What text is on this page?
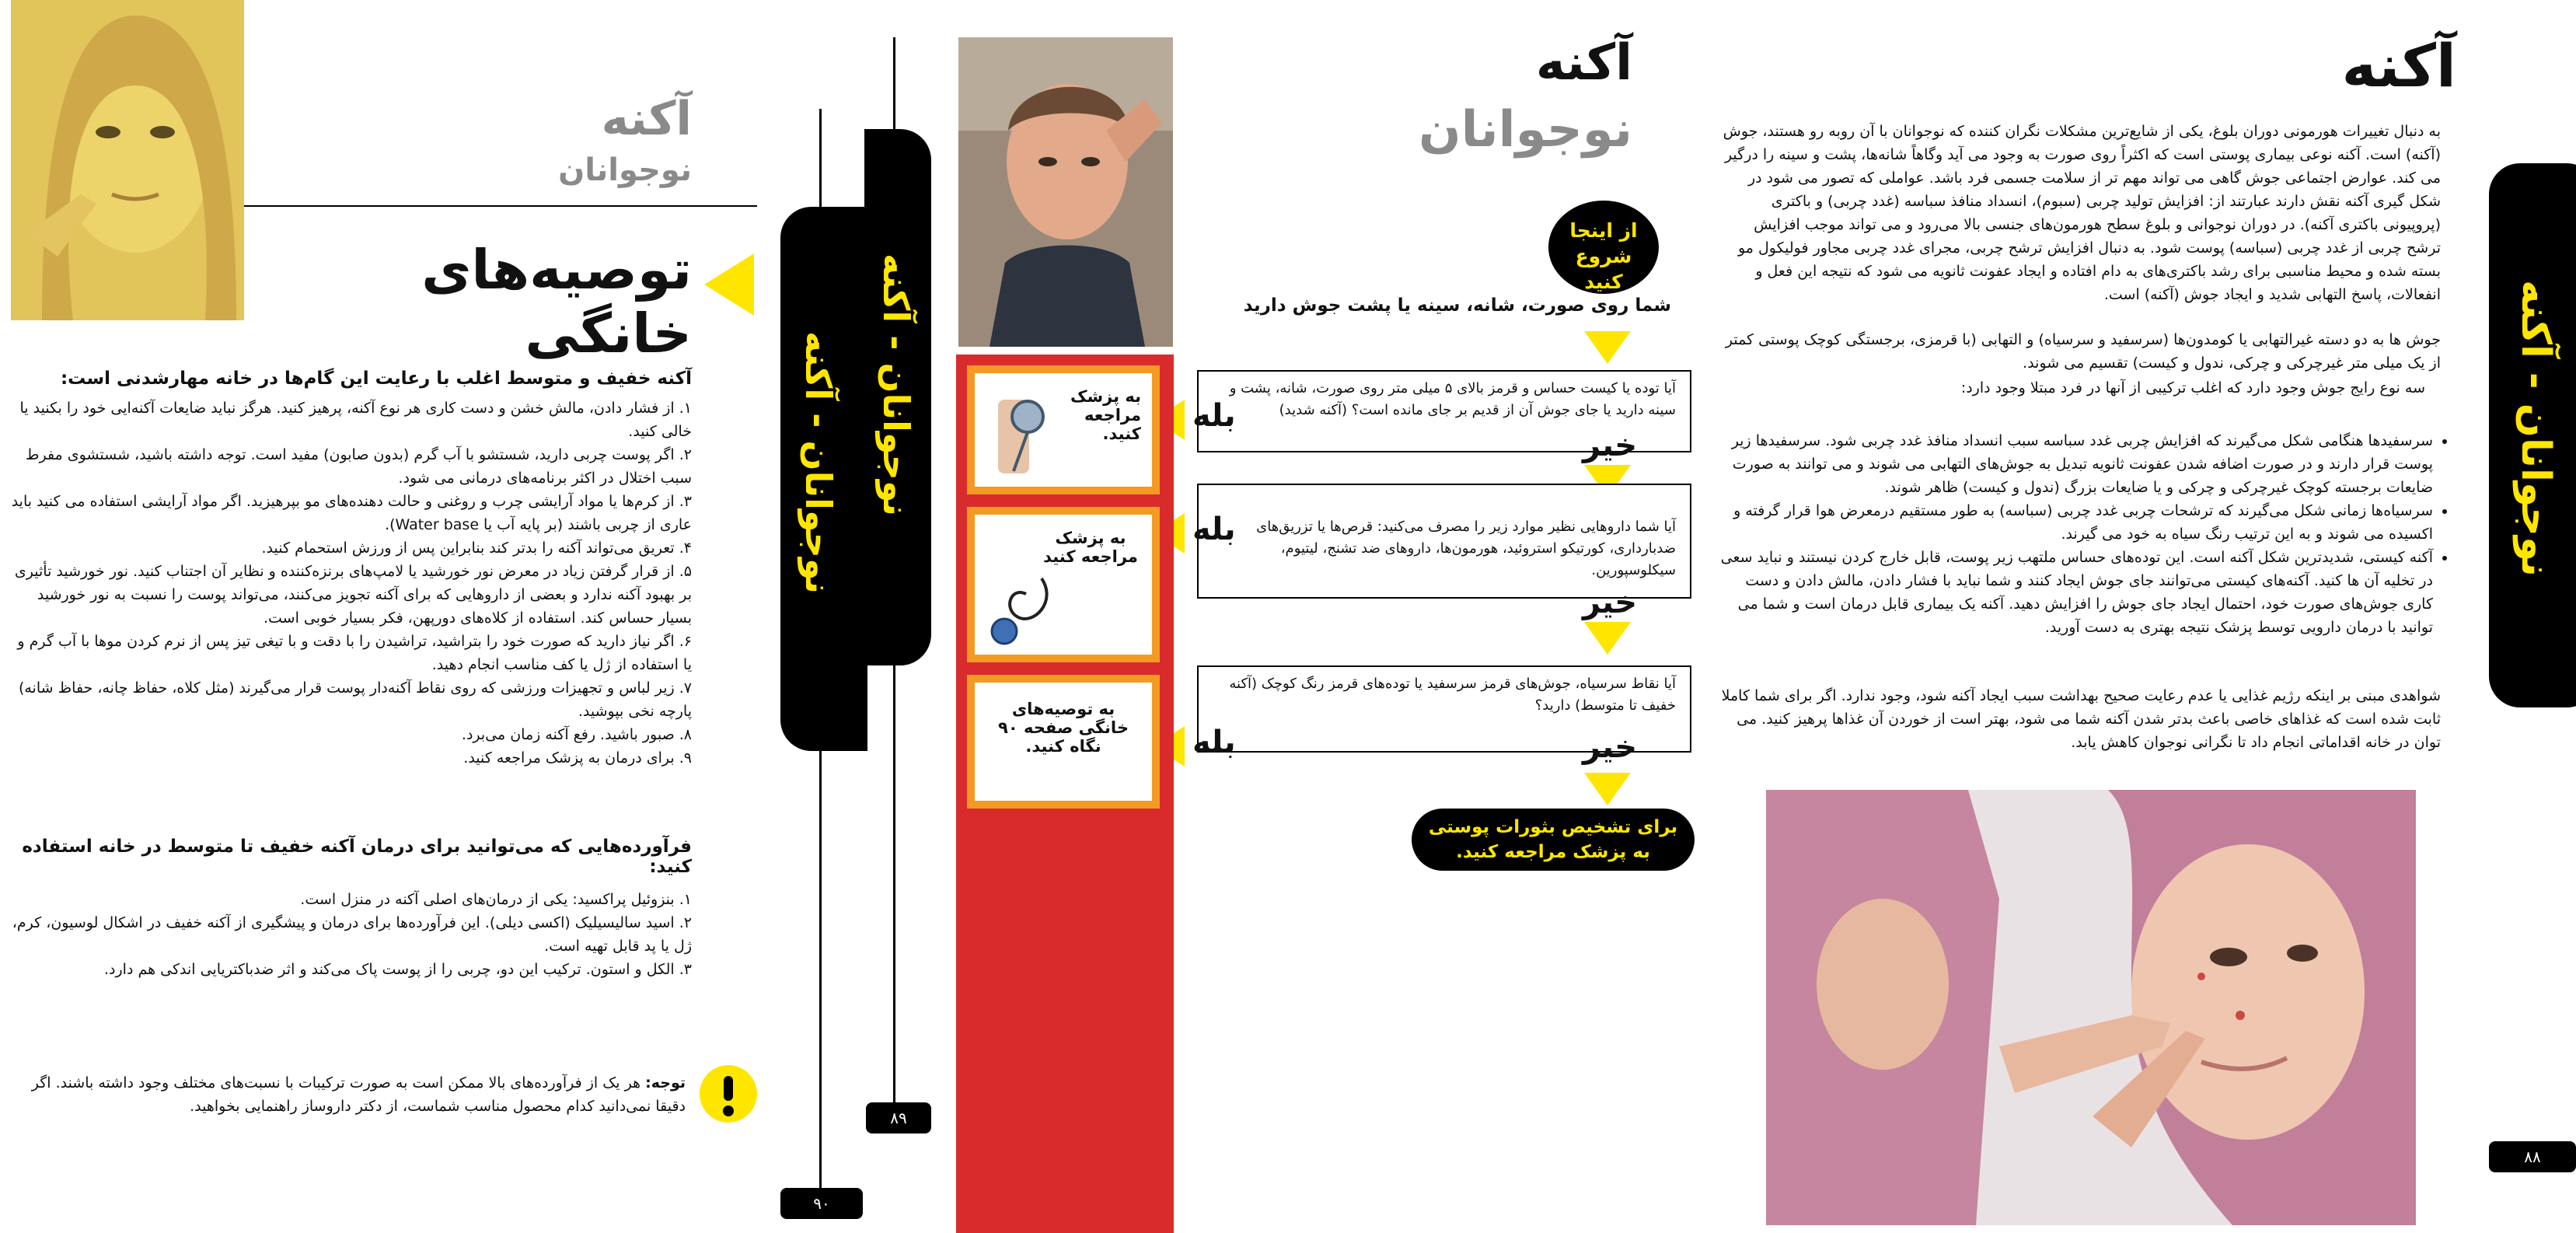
نوجوانان - آکنه
۸۸
آکنه
به دنبال تغییرات هورمونی دوران بلوغ، یکی از شایع‌ترین مشکلات نگران کننده که نوجوانان با آن روبه رو هستند، جوش (آکنه) است. آکنه نوعی بیماری پوستی است که اکثراً روی صورت به وجود می آید وگاهاً شانه‌ها، پشت و سینه را درگیر می کند. عوارض اجتماعی جوش گاهی می تواند مهم تر از سلامت جسمی فرد باشد. عواملی که تصور می شود در شکل گیری آکنه نقش دارند عبارتند از: افزایش تولید چربی (سبوم)، انسداد منافذ سباسه (غدد چربی) و باکتری (پروپیونی باکتری آکنه). در دوران نوجوانی و بلوغ سطح هورمون‌های جنسی بالا می‌رود و می تواند موجب افزایش ترشح چربی از غدد چربی (سباسه) پوست شود. به دنبال افزایش ترشح چربی، مجرای غدد چربی مجاور فولیکول مو بسته شده و محیط مناسبی برای رشد باکتری‌های به دام افتاده و ایجاد عفونت ثانویه می شود که نتیجه این فعل و انفعالات، پاسخ التهابی شدید و ایجاد جوش (آکنه) است.
جوش ها به دو دسته غیرالتهابی یا کومدون‌ها (سرسفید و سرسیاه) و التهابی (با قرمزی، برجستگی کوچک پوستی کمتر از یک میلی متر غیرچرکی و چرکی، ندول و کیست) تقسیم می شوند.
سه نوع رایج جوش وجود دارد که اغلب ترکیبی از آنها در فرد مبتلا وجود دارد:
• سرسفیدها هنگامی شکل می‌گیرند که افزایش چربی غدد سباسه سبب انسداد منافذ غدد چربی شود. سرسفیدها زیر پوست قرار دارند و در صورت اضافه شدن عفونت ثانویه تبدیل به جوش‌های التهابی می شوند و می توانند به صورت ضایعات برجسته کوچک غیرچرکی و چرکی و یا ضایعات بزرگ (ندول و کیست) ظاهر شوند.
• سرسیاه‌ها زمانی شکل می‌گیرند که ترشحات چربی غدد چربی (سباسه) به طور مستقیم درمعرض هوا قرار گرفته و اکسیده می شوند و به این ترتیب رنگ سیاه به خود می گیرند.
• آکنه کیستی، شدیدترین شکل آکنه است. این توده‌های حساس ملتهب زیر پوست، قابل خارج کردن نیستند و نباید سعی در تخلیه آن ها کنید. آکنه‌های کیستی می‌توانند جای جوش ایجاد کنند و شما نباید با فشار دادن، مالش دادن و دست کاری جوش‌های صورت خود، احتمال ایجاد جای جوش را افزایش دهید. آکنه یک بیماری قابل درمان است و شما می توانید با درمان دارویی توسط پزشک نتیجه بهتری به دست آورید.
شواهدی مبنی بر اینکه رژیم غذایی یا عدم رعایت صحیح بهداشت سبب ایجاد آکنه شود، وجود ندارد. اگر برای شما کاملا ثابت شده است که غذاهای خاصی باعث بدتر شدن آکنه شما می شود، بهتر است از خوردن آن غذاها پرهیز کنید. می توان در خانه اقداماتی انجام داد تا نگرانی نوجوان کاهش یابد.
آکنه
نوجوانان
از اینجا شروع کنید
شما روی صورت، شانه، سینه یا پشت جوش دارید
آیا توده یا کیست حساس و قرمز بالای ۵ میلی متر روی صورت، شانه، پشت و سینه دارید یا جای جوش آن از قدیم بر جای مانده است؟ (آکنه شدید)
خیر
آیا شما داروهایی نظیر موارد زیر را مصرف می‌کنید: قرص‌ها یا تزریق‌های ضدبارداری، کورتیکو استروئید، هورمون‌ها، داروهای ضد تشنج، لیتیوم، سیکلوسپورین.
خیر
آیا نقاط سرسیاه، جوش‌های قرمز سرسفید یا توده‌های قرمز رنگ کوچک (آکنه خفیف تا متوسط) دارید؟
خیر
برای تشخیص بثورات پوستی به پزشک مراجعه کنید.
بله
بله
بله
به پزشک مراجعه کنید.
به پزشک مراجعه کنید
به توصیه‌های خانگی صفحه ۹۰ نگاه کنید.
نوجوانان - آکنه
۸۹
نوجوانان - آکنه
۹۰
آکنه
نوجوانان
توصیه‌های خانگی
آکنه خفیف و متوسط اغلب با رعایت این گام‌ها در خانه مهارشدنی است:
۱. از فشار دادن، مالش خشن و دست کاری هر نوع آکنه، پرهیز کنید. هرگز نباید ضایعات آکنه‌ایی خود را بکنید یا خالی کنید.
۲. اگر پوست چربی دارید، شستشو با آب گرم (بدون صابون) مفید است. توجه داشته باشید، شستشوی مفرط سبب اختلال در اکثر برنامه‌های درمانی می شود.
۳. از کرم‌ها یا مواد آرایشی چرب و روغنی و حالت دهنده‌های مو بپرهیزید. اگر مواد آرایشی استفاده می کنید باید عاری از چربی باشند (بر پایه آب یا Water base).
۴. تعریق می‌تواند آکنه را بدتر کند بنابراین پس از ورزش استحمام کنید.
۵. از قرار گرفتن زیاد در معرض نور خورشید یا لامپ‌های برنزه‌کننده و نظایر آن اجتناب کنید. نور خورشید تأثیری بر بهبود آکنه ندارد و بعضی از داروهایی که برای آکنه تجویز می‌کنند، می‌تواند پوست را نسبت به نور خورشید بسیار حساس کند. استفاده از کلاه‌های دورپهن، فکر بسیار خوبی است.
۶. اگر نیاز دارید که صورت خود را بتراشید، تراشیدن را با دقت و با تیغی تیز پس از نرم کردن موها با آب گرم و یا استفاده از ژل یا کف مناسب انجام دهید.
۷. زیر لباس و تجهیزات ورزشی که روی نقاط آکنه‌دار پوست قرار می‌گیرند (مثل کلاه، حفاظ چانه، حفاظ شانه) پارچه نخی بپوشید.
۸. صبور باشید. رفع آکنه زمان می‌برد.
۹. برای درمان به پزشک مراجعه کنید.
فرآورده‌هایی که می‌توانید برای درمان آکنه خفیف تا متوسط در خانه استفاده کنید:
۱. بنزوئیل پراکسید: یکی از درمان‌های اصلی آکنه در منزل است.
۲. اسید سالیسیلیک (اکسی دیلی). این فرآورده‌ها برای درمان و پیشگیری از آکنه خفیف در اشکال لوسیون، کرم، ژل یا پد قابل تهیه است.
۳. الکل و استون. ترکیب این دو، چربی را از پوست پاک می‌کند و اثر ضدباکتریایی اندکی هم دارد.
توجه: هر یک از فرآورده‌های بالا ممکن است به صورت ترکیبات با نسبت‌های مختلف وجود داشته باشند. اگر دقیقا نمی‌دانید کدام محصول مناسب شماست، از دکتر داروساز راهنمایی بخواهید.
